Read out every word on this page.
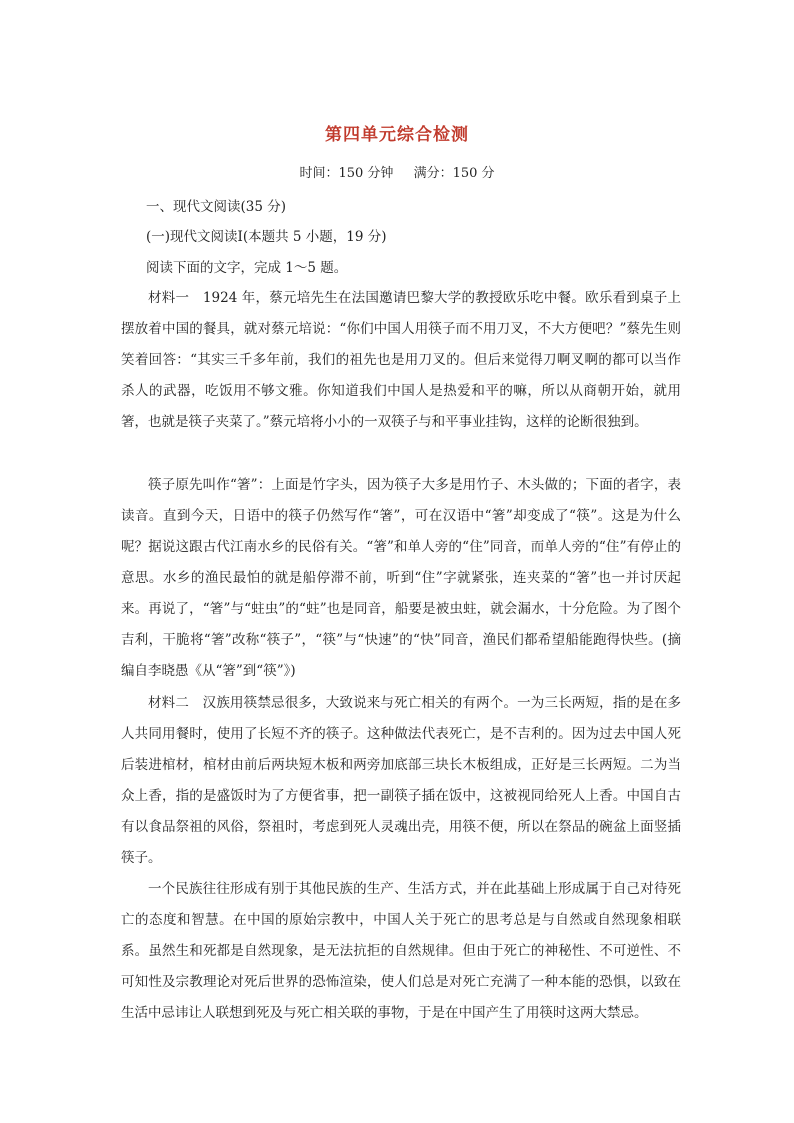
第四单元综合检测
时间：150 分钟 满分：150 分
一、现代文阅读(35 分)
(一)现代文阅读Ⅰ(本题共 5 小题，19 分)
阅读下面的文字，完成 1～5 题。

材料一　1924 年，蔡元培先生在法国邀请巴黎大学的教授欧乐吃中餐。欧乐看到桌子上摆放着中国的餐具，就对蔡元培说：“你们中国人用筷子而不用刀叉，不大方便吧？”蔡先生则笑着回答：“其实三千多年前，我们的祖先也是用刀叉的。但后来觉得刀啊叉啊的都可以当作杀人的武器，吃饭用不够文雅。你知道我们中国人是热爱和平的嘛，所以从商朝开始，就用箸，也就是筷子夹菜了。”蔡元培将小小的一双筷子与和平事业挂钩，这样的论断很独到。

筷子原先叫作“箸”：上面是竹字头，因为筷子大多是用竹子、木头做的；下面的者字，表读音。直到今天，日语中的筷子仍然写作“箸”，可在汉语中“箸”却变成了“筷”。这是为什么呢？据说这跟古代江南水乡的民俗有关。“箸”和单人旁的“住”同音，而单人旁的“住”有停止的意思。水乡的渔民最怕的就是船停滞不前，听到“住”字就紧张，连夹菜的“箸”也一并讨厌起来。再说了，“箸”与“蛀虫”的“蛀”也是同音，船要是被虫蛀，就会漏水，十分危险。为了图个吉利，干脆将“箸”改称“筷子”，“筷”与“快速”的“快”同音，渔民们都希望船能跑得快些。(摘编自李晓愚《从“箸”到“筷”》)

材料二　汉族用筷禁忌很多，大致说来与死亡相关的有两个。一为三长两短，指的是在多人共同用餐时，使用了长短不齐的筷子。这种做法代表死亡，是不吉利的。因为过去中国人死后装进棺材，棺材由前后两块短木板和两旁加底部三块长木板组成，正好是三长两短。二为当众上香，指的是盛饭时为了方便省事，把一副筷子插在饭中，这被视同给死人上香。中国自古有以食品祭祖的风俗，祭祖时，考虑到死人灵魂出壳，用筷不便，所以在祭品的碗盆上面竖插筷子。

一个民族往往形成有别于其他民族的生产、生活方式，并在此基础上形成属于自己对待死亡的态度和智慧。在中国的原始宗教中，中国人关于死亡的思考总是与自然或自然现象相联系。虽然生和死都是自然现象，是无法抗拒的自然规律。但由于死亡的神秘性、不可逆性、不可知性及宗教理论对死后世界的恐怖渲染，使人们总是对死亡充满了一种本能的恐惧，以致在生活中忌讳让人联想到死及与死亡相关联的事物，于是在中国产生了用筷时这两大禁忌。
